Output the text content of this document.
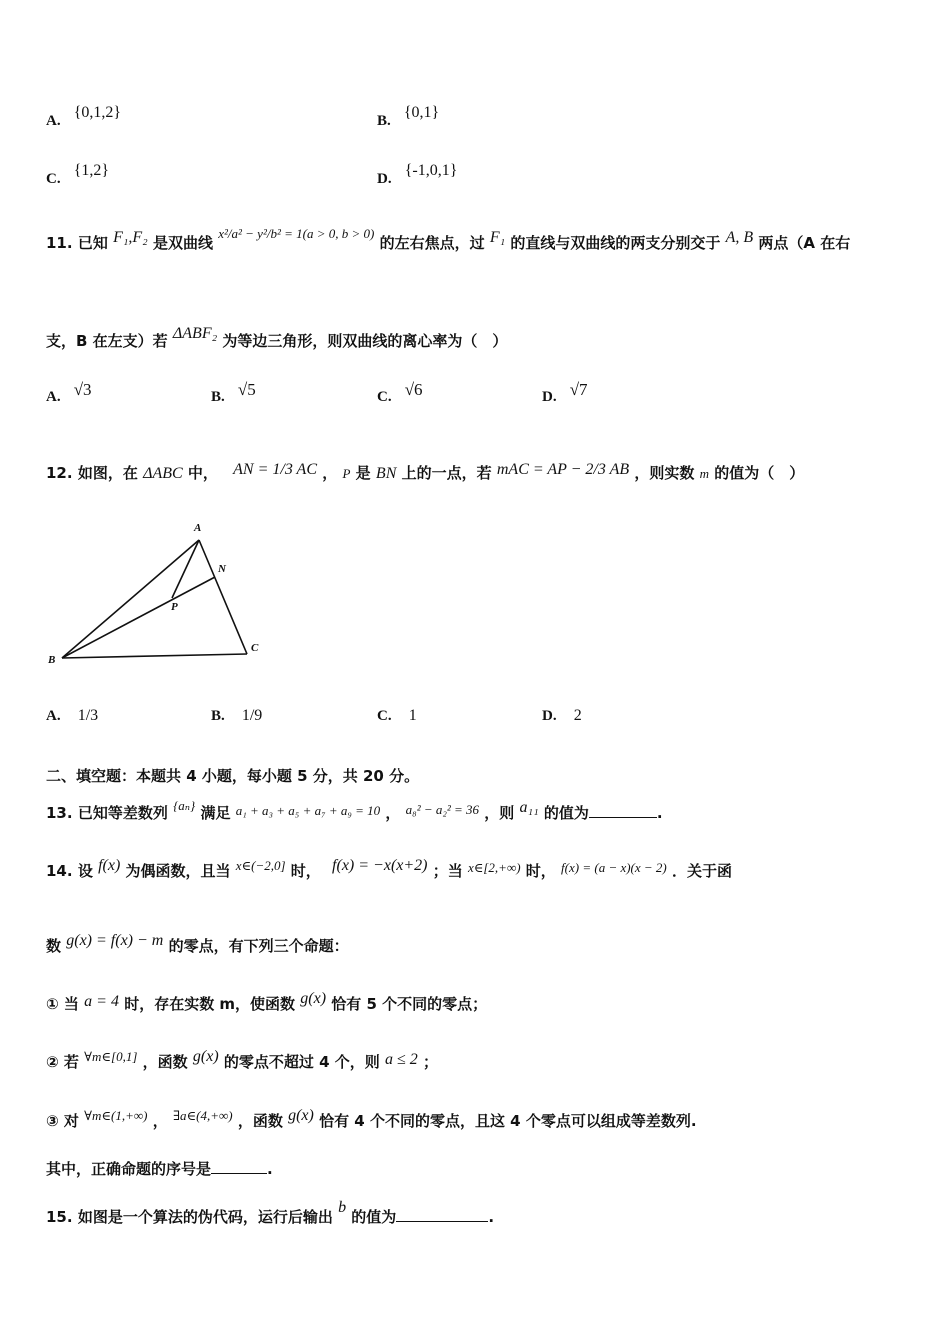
A. {0,1,2}	B. {0,1}
C. {1,2}	D. {-1,0,1}
11. 已知 F₁,F₂ 是双曲线 x²/a² − y²/b² = 1(a > 0, b > 0) 的左右焦点，过 F₁ 的直线与双曲线的两支分别交于 A, B 两点（A 在右
支，B 在左支）若 ΔABF₂ 为等边三角形，则双曲线的离心率为（　）
A. √3	B. √5	C. √6	D. √7
12. 如图，在 ΔABC 中， AN = 1/3 AC ， P 是 BN 上的一点，若 mAC = AP − 2/3 AB ，则实数 m 的值为（　）
A
N
P
B
C
A. 1/3	B. 1/9	C. 1	D. 2
二、填空题：本题共 4 小题，每小题 5 分，共 20 分。
13. 已知等差数列 {aₙ} 满足 a₁ + a₃ + a₅ + a₇ + a₉ = 10 ， a₈² − a₂² = 36 ，则 a₁₁ 的值为	.
14. 设 f(x) 为偶函数，且当 x∈(−2,0] 时， f(x) = −x(x+2) ；当 x∈[2,+∞) 时， f(x) = (a − x)(x − 2) ．关于函
数 g(x) = f(x) − m 的零点，有下列三个命题：
① 当 a = 4 时，存在实数 m，使函数 g(x) 恰有 5 个不同的零点；
② 若 ∀m∈[0,1] ，函数 g(x) 的零点不超过 4 个，则 a ≤ 2 ；
③ 对 ∀m∈(1,+∞) ， ∃a∈(4,+∞) ，函数 g(x) 恰有 4 个不同的零点，且这 4 个零点可以组成等差数列.
其中，正确命题的序号是	.
15. 如图是一个算法的伪代码，运行后输出 b 的值为	.
